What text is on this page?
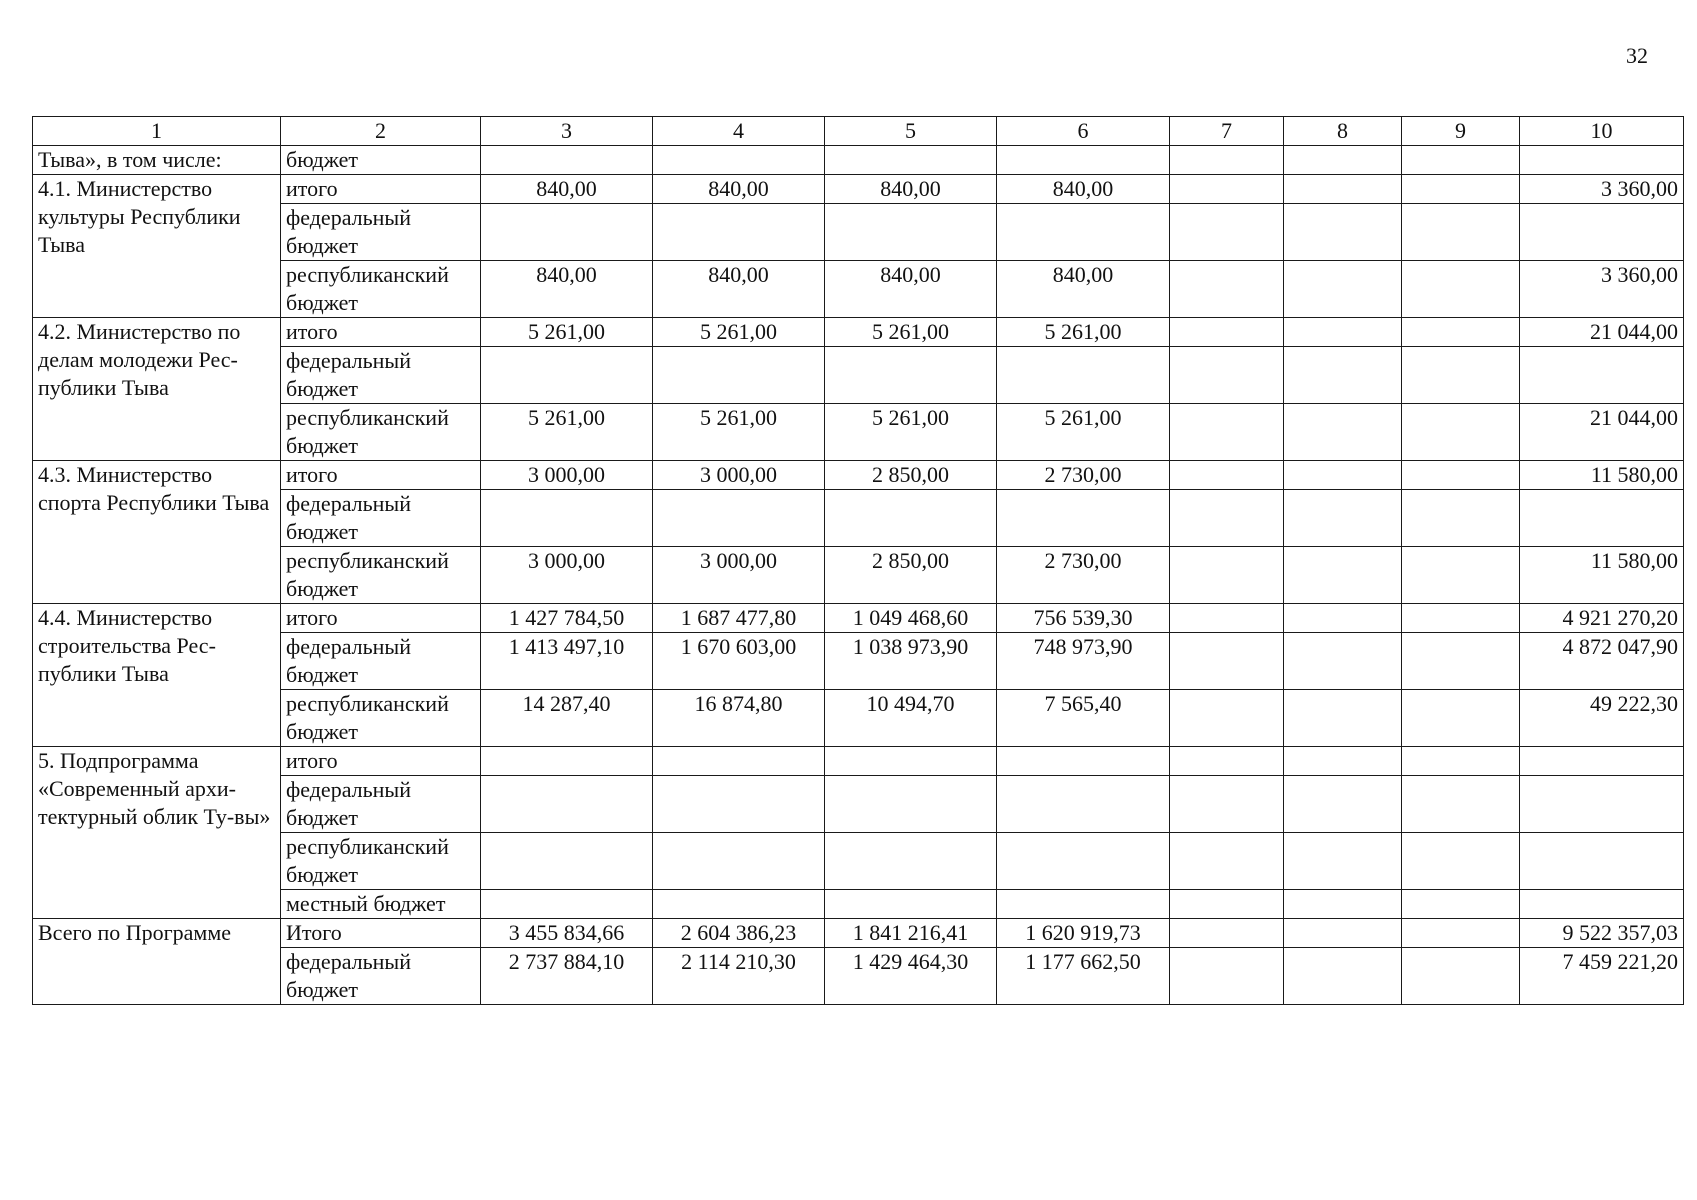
32
1	2	3	4	5	6	7	8	9	10
Тыва», в том числе:	бюджет								
4.1. Министерство культуры Республики Тыва	итого	840,00	840,00	840,00	840,00				3 360,00
	федеральный бюджет								
	республиканский бюджет	840,00	840,00	840,00	840,00				3 360,00
4.2. Министерство по делам молодежи Рес-публики Тыва	итого	5 261,00	5 261,00	5 261,00	5 261,00				21 044,00
	федеральный бюджет								
	республиканский бюджет	5 261,00	5 261,00	5 261,00	5 261,00				21 044,00
4.3. Министерство спорта Республики Тыва	итого	3 000,00	3 000,00	2 850,00	2 730,00				11 580,00
	федеральный бюджет								
	республиканский бюджет	3 000,00	3 000,00	2 850,00	2 730,00				11 580,00
4.4. Министерство строительства Рес-публики Тыва	итого	1 427 784,50	1 687 477,80	1 049 468,60	756 539,30				4 921 270,20
	федеральный бюджет	1 413 497,10	1 670 603,00	1 038 973,90	748 973,90				4 872 047,90
	республиканский бюджет	14 287,40	16 874,80	10 494,70	7 565,40				49 222,30
5. Подпрограмма «Современный архи-тектурный облик Ту-вы»	итого								
	федеральный бюджет								
	республиканский бюджет								
	местный бюджет								
Всего по Программе	Итого	3 455 834,66	2 604 386,23	1 841 216,41	1 620 919,73				9 522 357,03
	федеральный бюджет	2 737 884,10	2 114 210,30	1 429 464,30	1 177 662,50				7 459 221,20
